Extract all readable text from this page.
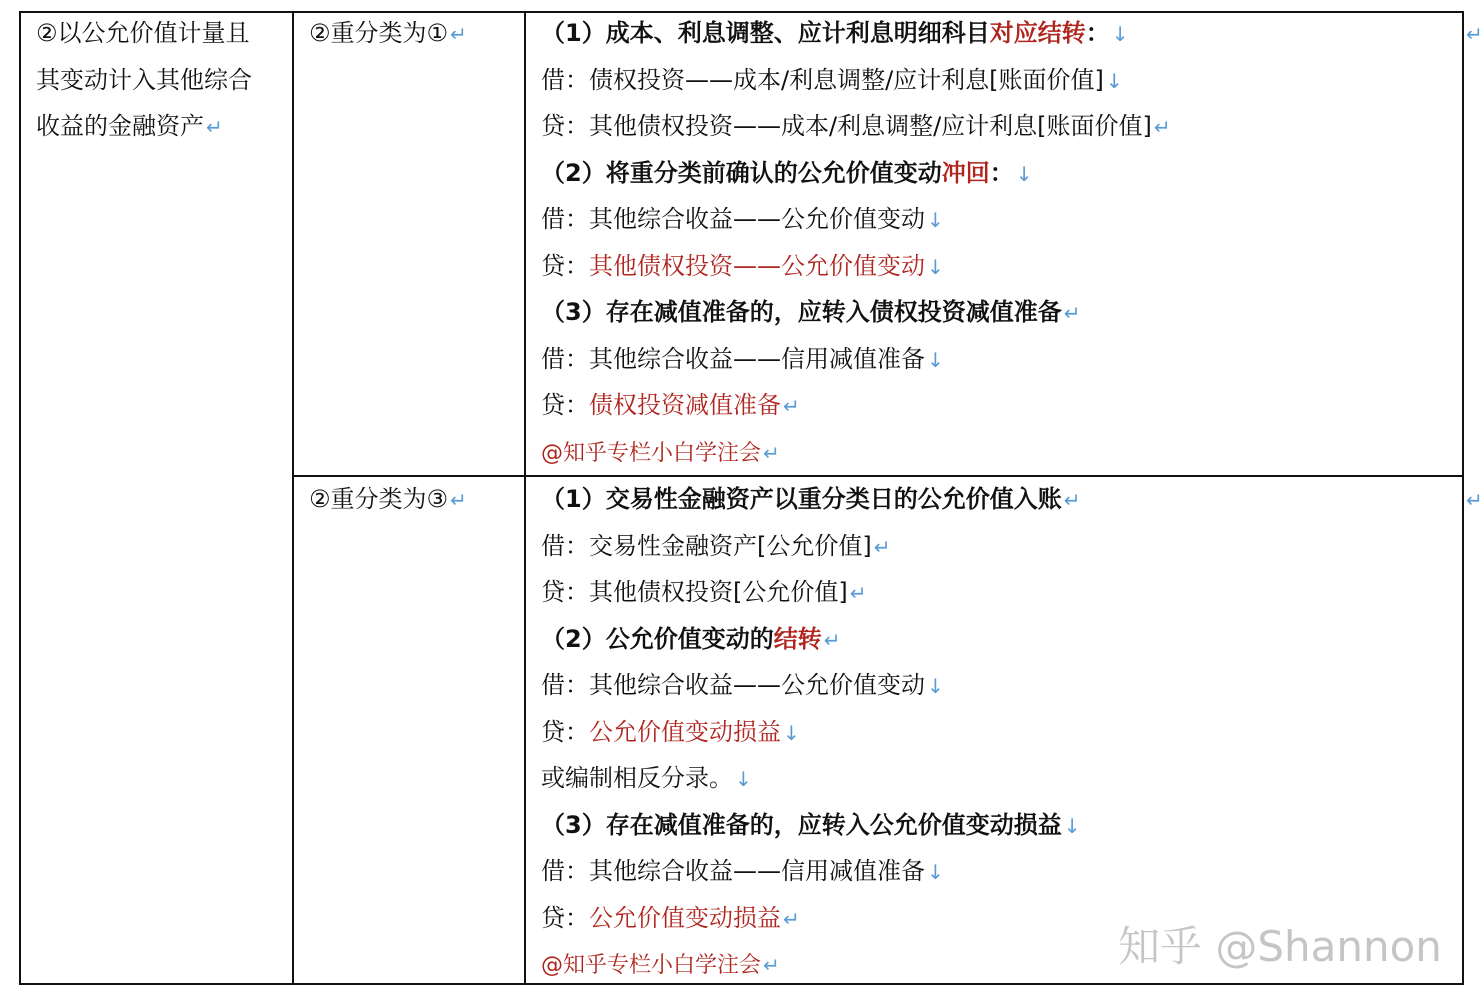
②以公允价值计量且
其变动计入其他综合
收益的金融资产 ↵
②重分类为① ↵	（1）成本、利息调整、应计利息明细科目对应结转： ↓
借：债权投资——成本/利息调整/应计利息[账面价值] ↓
贷：其他债权投资——成本/利息调整/应计利息[账面价值] ↵
（2）将重分类前确认的公允价值变动冲回： ↓
借：其他综合收益——公允价值变动 ↓
贷：其他债权投资——公允价值变动 ↓
（3）存在减值准备的，应转入债权投资减值准备 ↵
借：其他综合收益——信用减值准备 ↓
贷：债权投资减值准备 ↵
@知乎专栏小白学注会 ↵
②重分类为③ ↵	（1）交易性金融资产以重分类日的公允价值入账 ↵
借：交易性金融资产[公允价值] ↵
贷：其他债权投资[公允价值] ↵
（2）公允价值变动的结转 ↵
借：其他综合收益——公允价值变动 ↓
贷：公允价值变动损益 ↓
或编制相反分录。 ↓
（3）存在减值准备的，应转入公允价值变动损益 ↓
借：其他综合收益——信用减值准备 ↓
贷：公允价值变动损益 ↵
@知乎专栏小白学注会 ↵
↵
↵
知乎 @Shannon
